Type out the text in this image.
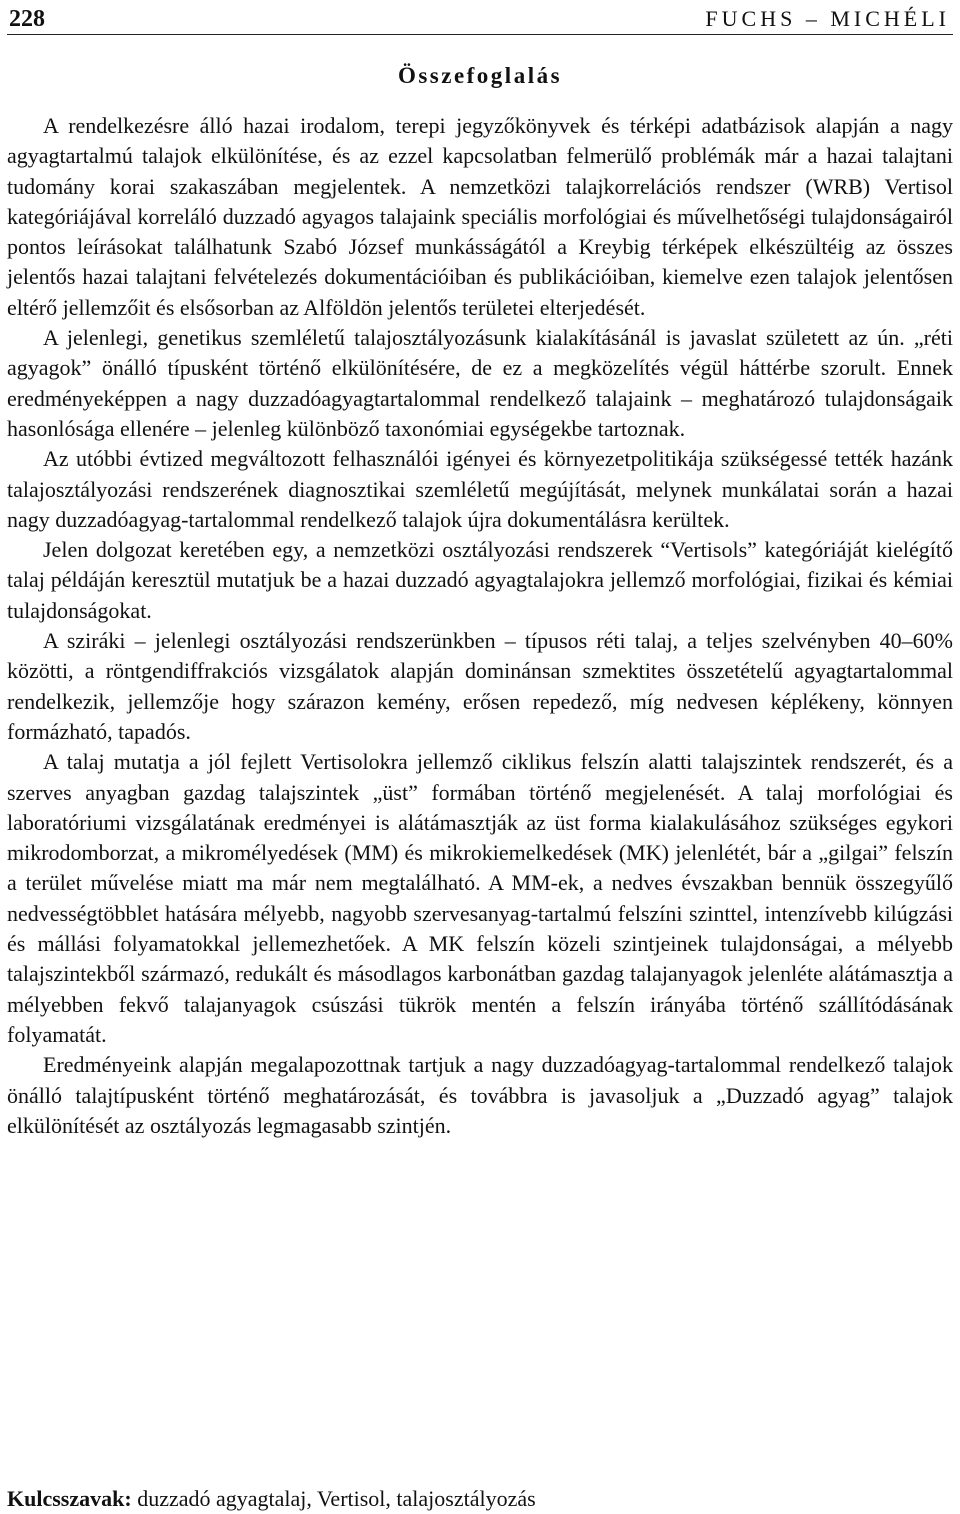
228	FUCHS – MICHÉLI
Összefoglalás

A rendelkezésre álló hazai irodalom, terepi jegyzőkönyvek és térképi adatbázisok alapján a nagy agyagtartalmú talajok elkülönítése, és az ezzel kapcsolatban felmerülő problémák már a hazai talajtani tudomány korai szakaszában megjelentek. A nemzetközi talajkorrelációs rendszer (WRB) Vertisol kategóriájával korreláló duzzadó agyagos talajaink speciális morfológiai és művelhetőségi tulajdonságairól pontos leírásokat találhatunk Szabó József munkásságától a Kreybig térképek elkészültéig az összes jelentős hazai talajtani felvételezés dokumentációiban és publikációiban, kiemelve ezen talajok jelentősen eltérő jellemzőit és elsősorban az Alföldön jelentős területei elterjedését.

A jelenlegi, genetikus szemléletű talajosztályozásunk kialakításánál is javaslat született az ún. „réti agyagok” önálló típusként történő elkülönítésére, de ez a megközelítés végül háttérbe szorult. Ennek eredményeképpen a nagy duzzadóagyagtartalommal rendelkező talajaink – meghatározó tulajdonságaik hasonlósága ellenére – jelenleg különböző taxonómiai egységekbe tartoznak.

Az utóbbi évtized megváltozott felhasználói igényei és környezetpolitikája szükségessé tették hazánk talajosztályozási rendszerének diagnosztikai szemléletű megújítását, melynek munkálatai során a hazai nagy duzzadóagyag-tartalommal rendelkező talajok újra dokumentálásra kerültek.

Jelen dolgozat keretében egy, a nemzetközi osztályozási rendszerek “Vertisols” kategóriáját kielégítő talaj példáján keresztül mutatjuk be a hazai duzzadó agyagtalajokra jellemző morfológiai, fizikai és kémiai tulajdonságokat.

A sziráki – jelenlegi osztályozási rendszerünkben – típusos réti talaj, a teljes szelvényben 40–60% közötti, a röntgendiffrakciós vizsgálatok alapján dominánsan szmektites összetételű agyagtartalommal rendelkezik, jellemzője hogy szárazon kemény, erősen repedező, míg nedvesen képlékeny, könnyen formázható, tapadós.

A talaj mutatja a jól fejlett Vertisolokra jellemző ciklikus felszín alatti talajszintek rendszerét, és a szerves anyagban gazdag talajszintek „üst” formában történő megjelenését. A talaj morfológiai és laboratóriumi vizsgálatának eredményei is alátámasztják az üst forma kialakulásához szükséges egykori mikrodomborzat, a mikromélyedések (MM) és mikrokiemelkedések (MK) jelenlétét, bár a „gilgai” felszín a terület művelése miatt ma már nem megtalálható. A MM-ek, a nedves évszakban bennük összegyűlő nedvességtöbblet hatására mélyebb, nagyobb szervesanyag-tartalmú felszíni szinttel, intenzívebb kilúgzási és mállási folyamatokkal jellemezhetőek. A MK felszín közeli szintjeinek tulajdonságai, a mélyebb talajszintekből származó, redukált és másodlagos karbonátban gazdag talajanyagok jelenléte alátámasztja a mélyebben fekvő talajanyagok csúszási tükrök mentén a felszín irányába történő szállítódásának folyamatát.

Eredményeink alapján megalapozottnak tartjuk a nagy duzzadóagyag-tartalommal rendelkező talajok önálló talajtípusként történő meghatározását, és továbbra is javasoljuk a „Duzzadó agyag” talajok elkülönítését az osztályozás legmagasabb szintjén.

Kulcsszavak: duzzadó agyagtalaj, Vertisol, talajosztályozás
